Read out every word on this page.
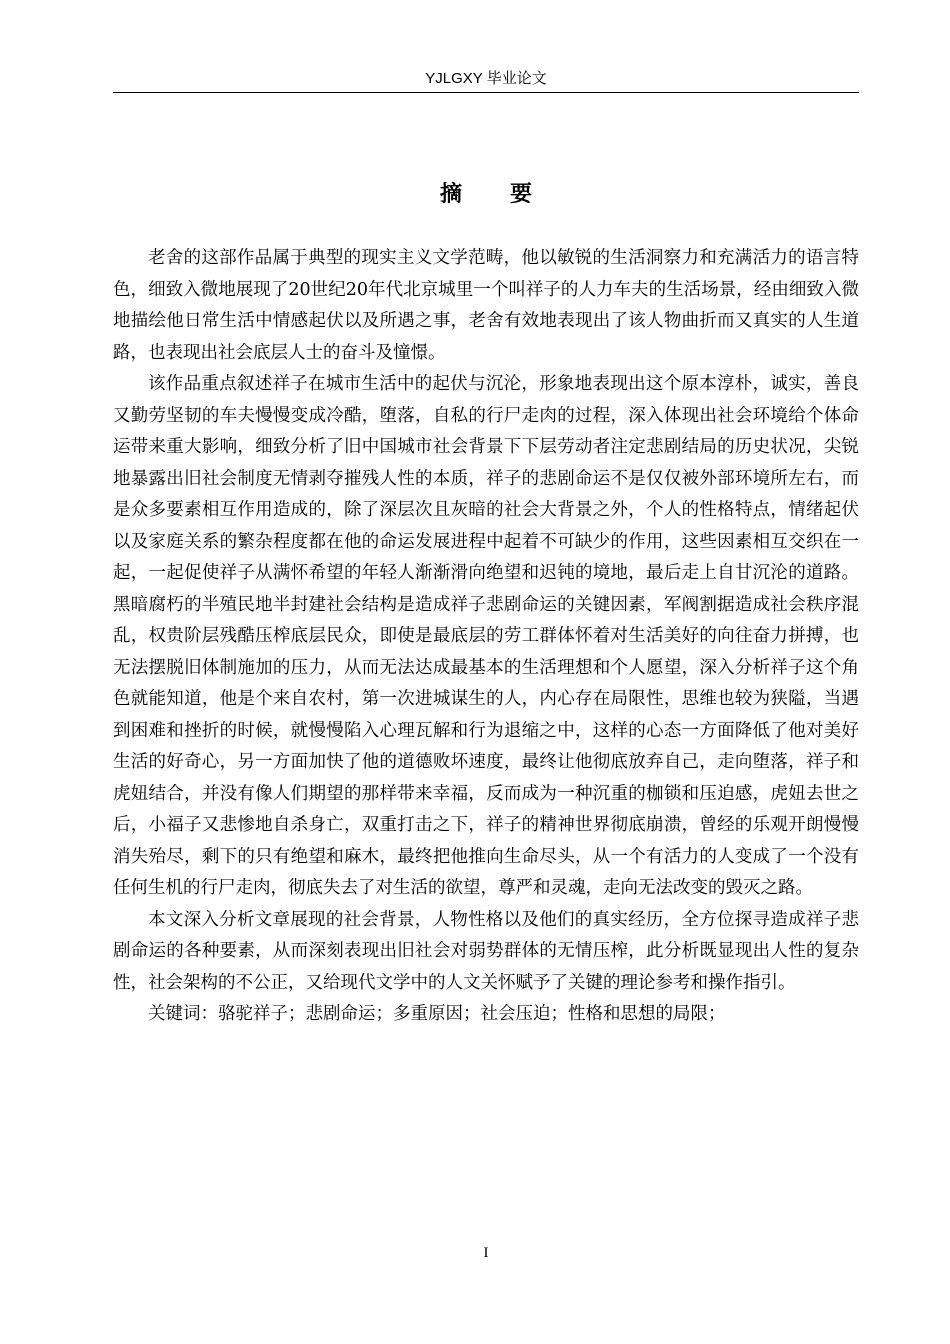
YJLGXY 毕业论文
摘要

老舍的这部作品属于典型的现实主义文学范畴，他以敏锐的生活洞察力和充满活力的语言特色，细致入微地展现了20世纪20年代北京城里一个叫祥子的人力车夫的生活场景，经由细致入微地描绘他日常生活中情感起伏以及所遇之事，老舍有效地表现出了该人物曲折而又真实的人生道路，也表现出社会底层人士的奋斗及憧憬。

该作品重点叙述祥子在城市生活中的起伏与沉沦，形象地表现出这个原本淳朴，诚实，善良又勤劳坚韧的车夫慢慢变成冷酷，堕落，自私的行尸走肉的过程，深入体现出社会环境给个体命运带来重大影响，细致分析了旧中国城市社会背景下下层劳动者注定悲剧结局的历史状况，尖锐地暴露出旧社会制度无情剥夺摧残人性的本质，祥子的悲剧命运不是仅仅被外部环境所左右，而是众多要素相互作用造成的，除了深层次且灰暗的社会大背景之外，个人的性格特点，情绪起伏以及家庭关系的繁杂程度都在他的命运发展进程中起着不可缺少的作用，这些因素相互交织在一起，一起促使祥子从满怀希望的年轻人渐渐滑向绝望和迟钝的境地，最后走上自甘沉沦的道路。 黑暗腐朽的半殖民地半封建社会结构是造成祥子悲剧命运的关键因素，军阀割据造成社会秩序混乱，权贵阶层残酷压榨底层民众，即使是最底层的劳工群体怀着对生活美好的向往奋力拼搏，也无法摆脱旧体制施加的压力，从而无法达成最基本的生活理想和个人愿望，深入分析祥子这个角色就能知道，他是个来自农村，第一次进城谋生的人，内心存在局限性，思维也较为狭隘，当遇到困难和挫折的时候，就慢慢陷入心理瓦解和行为退缩之中，这样的心态一方面降低了他对美好生活的好奇心，另一方面加快了他的道德败坏速度，最终让他彻底放弃自己，走向堕落，祥子和虎妞结合，并没有像人们期望的那样带来幸福，反而成为一种沉重的枷锁和压迫感，虎妞去世之后，小福子又悲惨地自杀身亡，双重打击之下，祥子的精神世界彻底崩溃，曾经的乐观开朗慢慢消失殆尽，剩下的只有绝望和麻木，最终把他推向生命尽头，从一个有活力的人变成了一个没有任何生机的行尸走肉，彻底失去了对生活的欲望，尊严和灵魂，走向无法改变的毁灭之路。

本文深入分析文章展现的社会背景，人物性格以及他们的真实经历，全方位探寻造成祥子悲剧命运的各种要素，从而深刻表现出旧社会对弱势群体的无情压榨，此分析既显现出人性的复杂性，社会架构的不公正，又给现代文学中的人文关怀赋予了关键的理论参考和操作指引。

关键词：骆驼祥子；悲剧命运；多重原因；社会压迫；性格和思想的局限；

I
